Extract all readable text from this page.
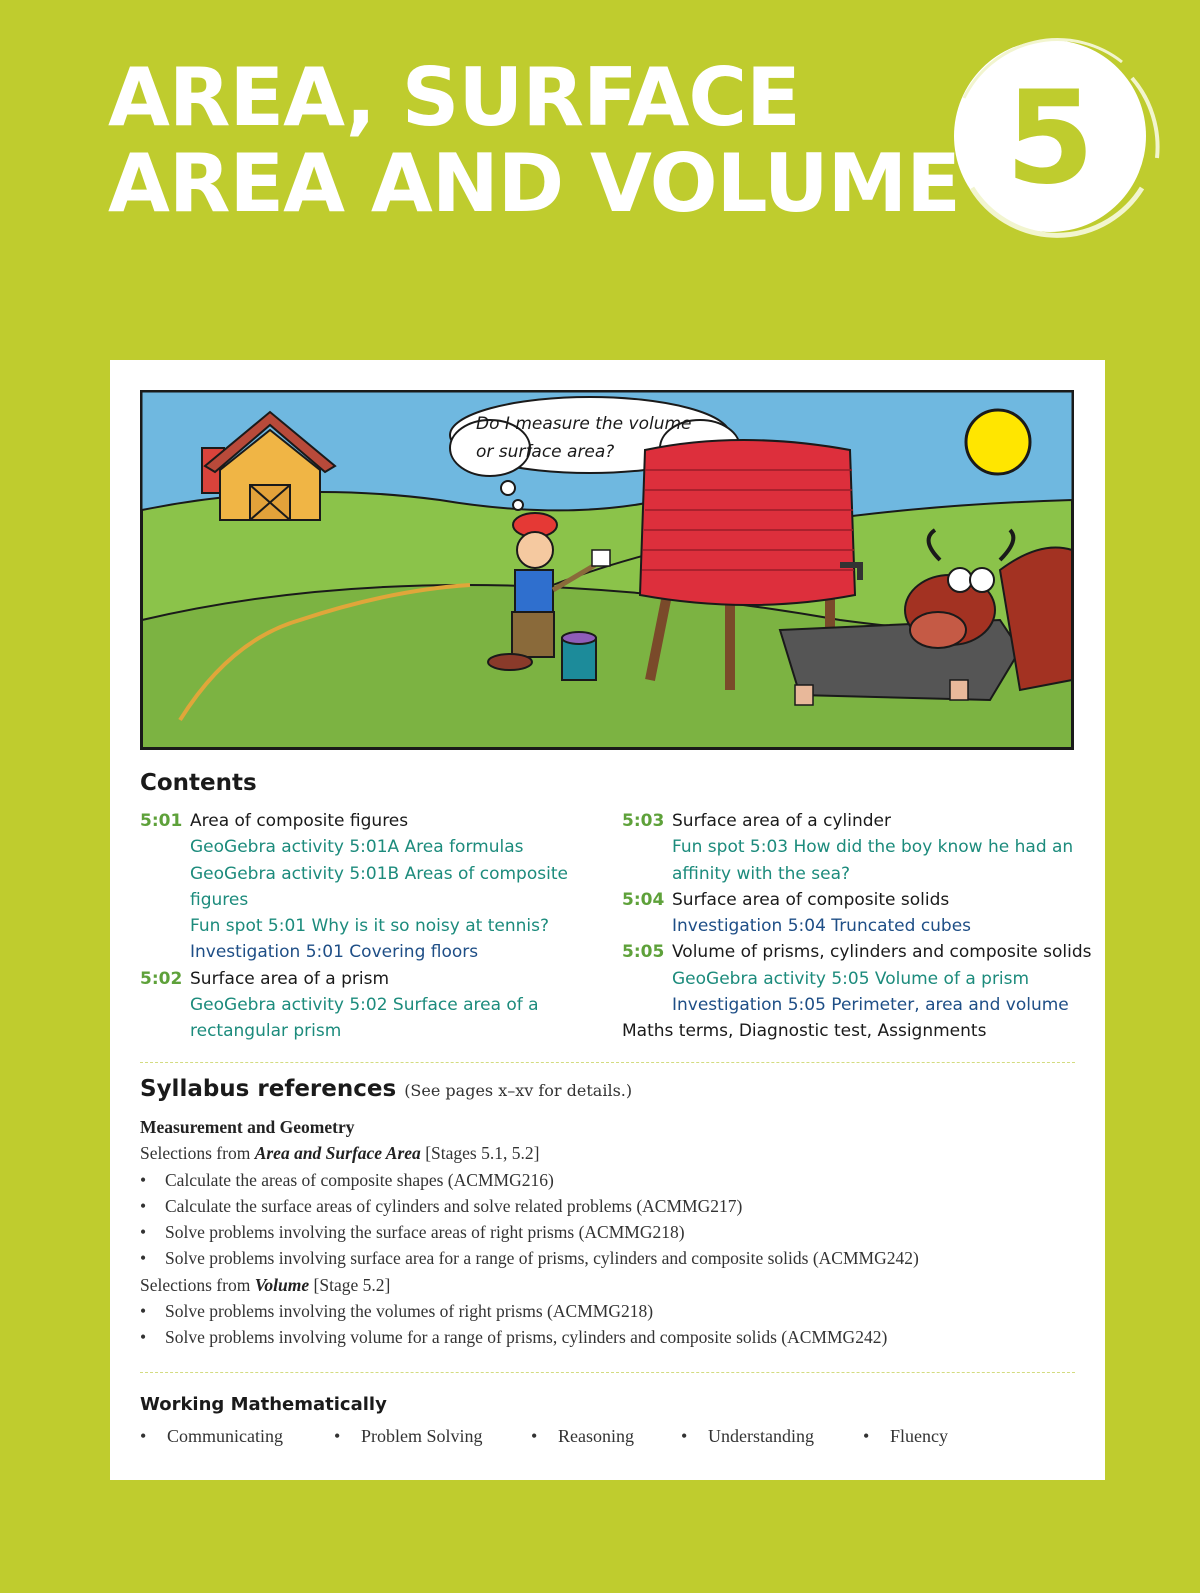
AREA, SURFACE
AREA AND VOLUME 5
Do I measure the volume
or surface area?
Contents
5:01 Area of composite figures
GeoGebra activity 5:01A Area formulas
GeoGebra activity 5:01B Areas of composite figures
Fun spot 5:01 Why is it so noisy at tennis?
Investigation 5:01 Covering floors
5:02 Surface area of a prism
GeoGebra activity 5:02 Surface area of a rectangular prism
5:03 Surface area of a cylinder
Fun spot 5:03 How did the boy know he had an affinity with the sea?
5:04 Surface area of composite solids
Investigation 5:04 Truncated cubes
5:05 Volume of prisms, cylinders and composite solids
GeoGebra activity 5:05 Volume of a prism
Investigation 5:05 Perimeter, area and volume
Maths terms, Diagnostic test, Assignments
Syllabus references (See pages x–xv for details.)
Measurement and Geometry
Selections from Area and Surface Area [Stages 5.1, 5.2]
•	Calculate the areas of composite shapes (ACMMG216)
•	Calculate the surface areas of cylinders and solve related problems (ACMMG217)
•	Solve problems involving the surface areas of right prisms (ACMMG218)
•	Solve problems involving surface area for a range of prisms, cylinders and composite solids (ACMMG242)
Selections from Volume [Stage 5.2]
•	Solve problems involving the volumes of right prisms (ACMMG218)
•	Solve problems involving volume for a range of prisms, cylinders and composite solids (ACMMG242)
Working Mathematically
•	Communicating	•	Problem Solving	•	Reasoning	•	Understanding	•	Fluency
